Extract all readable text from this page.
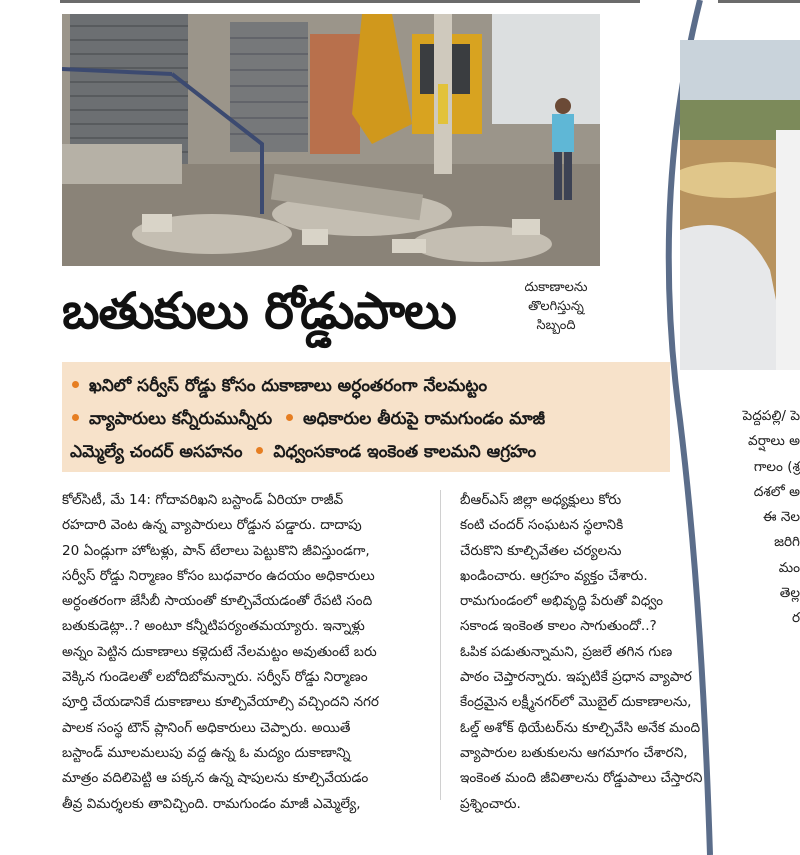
బతుకులు రోడ్డుపాలు	దుకాణాలను
తొలగిస్తున్న
సిబ్బంది
ఖనిలో సర్వీస్ రోడ్డు కోసం దుకాణాలు అర్ధంతరంగా నేలమట్టం
వ్యాపారులు కన్నీరుమున్నీరు అధికారుల తీరుపై రామగుండం మాజీ
ఎమ్మెల్యే చందర్ అసహనం విధ్వంసకాండ ఇంకెంత కాలమని ఆగ్రహం

కోల్‌సిటీ, మే 14: గోదావరిఖని బస్టాండ్ ఏరియా రాజీవ్

రహదారి వెంట ఉన్న వ్యాపారులు రోడ్డున పడ్డారు. దాదాపు

20 ఏండ్లుగా హోటళ్లు, పాన్ టేలాలు పెట్టుకొని జీవిస్తుండగా,

సర్వీస్ రోడ్డు నిర్మాణం కోసం బుధవారం ఉదయం అధికారులు

అర్ధంతరంగా జేసీబీ సాయంతో కూల్చివేయడంతో రేపటి సంది

బతుకుడెట్లా..? అంటూ కన్నీటిపర్యంతమయ్యారు. ఇన్నాళ్లు

అన్నం పెట్టిన దుకాణాలు కళ్లెదుటే నేలమట్టం అవుతుంటే బరు

వెక్కిన గుండెలతో లబోదిబోమన్నారు. సర్వీస్ రోడ్డు నిర్మాణం

పూర్తి చేయడానికే దుకాణాలు కూల్చివేయాల్సి వచ్చిందని నగర

పాలక సంస్థ టౌన్ ప్లానింగ్ అధికారులు చెప్పారు. అయితే

బస్టాండ్ మూలమలుపు వద్ద ఉన్న ఓ మద్యం దుకాణాన్ని

మాత్రం వదిలిపెట్టి ఆ పక్కన ఉన్న షాపులను కూల్చివేయడం

తీవ్ర విమర్శలకు తావిచ్చింది. రామగుండం మాజీ ఎమ్మెల్యే,

బీఆర్‌ఎస్ జిల్లా అధ్యక్షులు కోరు

కంటి చందర్ సంఘటన స్థలానికి

చేరుకొని కూల్చివేతల చర్యలను

ఖండించారు. ఆగ్రహం వ్యక్తం చేశారు.

రామగుండంలో అభివృద్ధి పేరుతో విధ్వం

సకాండ ఇంకెంత కాలం సాగుతుందో..?

ఓపిక పడుతున్నామని, ప్రజలే తగిన గుణ

పాఠం చెప్తారన్నారు. ఇప్పటికే ప్రధాన వ్యాపార

కేంద్రమైన లక్ష్మీనగర్‌లో మొబైల్ దుకాణాలను,

ఓల్డ్ అశోక్ థియేటర్‌ను కూల్చివేసి అనేక మంది

వ్యాపారుల బతుకులను ఆగమాగం చేశారని,

ఇంకెంత మంది జీవితాలను రోడ్డుపాలు చేస్తారని

ప్రశ్నించారు.

పెద్దపల్లి/ పె
వర్షాలు అ
గాలం (శ్ర
దశలో అ
ఈ నెల
జరిగి
మం
తెల్ల
ర
